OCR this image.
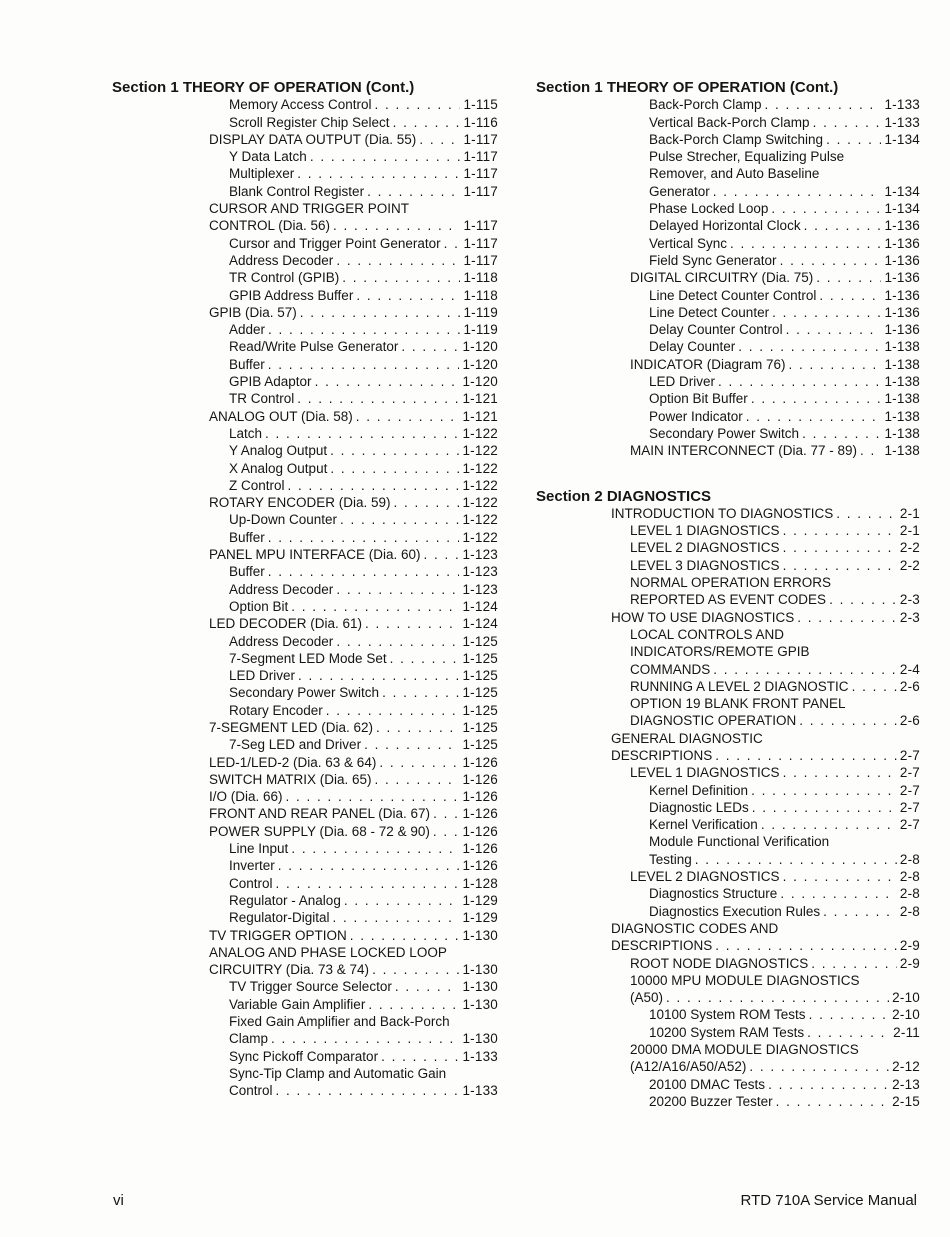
Section 1 THEORY OF OPERATION (Cont.)
Memory Access Control . . .	1-115
Scroll Register Chip Select . . .	1-116
DISPLAY DATA OUTPUT (Dia. 55) . . .	1-117
Y Data Latch . . .	1-117
Multiplexer . . .	1-117
Blank Control Register . . .	1-117
CURSOR AND TRIGGER POINT
CONTROL (Dia. 56) . . .	1-117
Cursor and Trigger Point Generator . . . 1-117
Address Decoder . . .	1-117
TR Control (GPIB) . . .	1-118
GPIB Address Buffer . . .	1-118
GPIB (Dia. 57) . . .	1-119
Adder . . .	1-119
Read/Write Pulse Generator . . .	1-120
Buffer . . .	1-120
GPIB Adaptor . . .	1-120
TR Control . . .	1-121
ANALOG OUT (Dia. 58) . . .	1-121
Latch . . .	1-122
Y Analog Output . . .	1-122
X Analog Output . . .	1-122
Z Control . . .	1-122
ROTARY ENCODER (Dia. 59) . . .	1-122
Up-Down Counter . . .	1-122
Buffer . . .	1-122
PANEL MPU INTERFACE (Dia. 60) . . .	1-123
Buffer . . .	1-123
Address Decoder . . .	1-123
Option Bit . . .	1-124
LED DECODER (Dia. 61) . . .	1-124
Address Decoder . . .	1-125
7-Segment LED Mode Set . . .	1-125
LED Driver . . .	1-125
Secondary Power Switch . . .	1-125
Rotary Encoder . . .	1-125
7-SEGMENT LED (Dia. 62) . . .	1-125
7-Seg LED and Driver . . .	1-125
LED-1/LED-2 (Dia. 63 & 64) . . .	1-126
SWITCH MATRIX (Dia. 65) . . .	1-126
I/O (Dia. 66) . . .	1-126
FRONT AND REAR PANEL (Dia. 67) . . . 1-126
POWER SUPPLY (Dia. 68 - 72 & 90) . . . 1-126
Line Input . . .	1-126
Inverter . . .	1-126
Control . . .	1-128
Regulator - Analog . . .	1-129
Regulator-Digital . . .	1-129
TV TRIGGER OPTION . . .	1-130
ANALOG AND PHASE LOCKED LOOP
CIRCUITRY (Dia. 73 & 74) . . .	1-130
TV Trigger Source Selector . . .	1-130
Variable Gain Amplifier . . .	1-130
Fixed Gain Amplifier and Back-Porch
Clamp . . .	1-130
Sync Pickoff Comparator . . .	1-133
Sync-Tip Clamp and Automatic Gain
Control . . .	1-133
Section 1 THEORY OF OPERATION (Cont.)
Back-Porch Clamp . . .	1-133
Vertical Back-Porch Clamp . . .	1-133
Back-Porch Clamp Switching . . .	1-134
Pulse Strecher, Equalizing Pulse
Remover, and Auto Baseline
Generator . . .	1-134
Phase Locked Loop . . .	1-134
Delayed Horizontal Clock . . .	1-136
Vertical Sync . . .	1-136
Field Sync Generator . . .	1-136
DIGITAL CIRCUITRY (Dia. 75) . . .	1-136
Line Detect Counter Control . . .	1-136
Line Detect Counter . . .	1-136
Delay Counter Control . . .	1-136
Delay Counter . . .	1-138
INDICATOR (Diagram 76) . . .	1-138
LED Driver . . .	1-138
Option Bit Buffer . . .	1-138
Power Indicator . . .	1-138
Secondary Power Switch . . .	1-138
MAIN INTERCONNECT (Dia. 77 - 89) . . . 1-138
Section 2 DIAGNOSTICS
INTRODUCTION TO DIAGNOSTICS . . .	2-1
LEVEL 1 DIAGNOSTICS . . .	2-1
LEVEL 2 DIAGNOSTICS . . .	2-2
LEVEL 3 DIAGNOSTICS . . .	2-2
NORMAL OPERATION ERRORS
REPORTED AS EVENT CODES . . .	2-3
HOW TO USE DIAGNOSTICS . . .	2-3
LOCAL CONTROLS AND
INDICATORS/REMOTE GPIB
COMMANDS . . .	2-4
RUNNING A LEVEL 2 DIAGNOSTIC . . .	2-6
OPTION 19 BLANK FRONT PANEL
DIAGNOSTIC OPERATION . . .	2-6
GENERAL DIAGNOSTIC
DESCRIPTIONS . . .	2-7
LEVEL 1 DIAGNOSTICS . . .	2-7
Kernel Definition . . .	2-7
Diagnostic LEDs . . .	2-7
Kernel Verification . . .	2-7
Module Functional Verification
Testing . . .	2-8
LEVEL 2 DIAGNOSTICS . . .	2-8
Diagnostics Structure . . .	2-8
Diagnostics Execution Rules . . .	2-8
DIAGNOSTIC CODES AND
DESCRIPTIONS . . .	2-9
ROOT NODE DIAGNOSTICS . . .	2-9
10000 MPU MODULE DIAGNOSTICS
(A50) . . .	2-10
10100 System ROM Tests . . .	2-10
10200 System RAM Tests . . .	2-11
20000 DMA MODULE DIAGNOSTICS
(A12/A16/A50/A52) . . .	2-12
20100 DMAC Tests . . .	2-13
20200 Buzzer Tester . . .	2-15
vi	RTD 710A Service Manual
